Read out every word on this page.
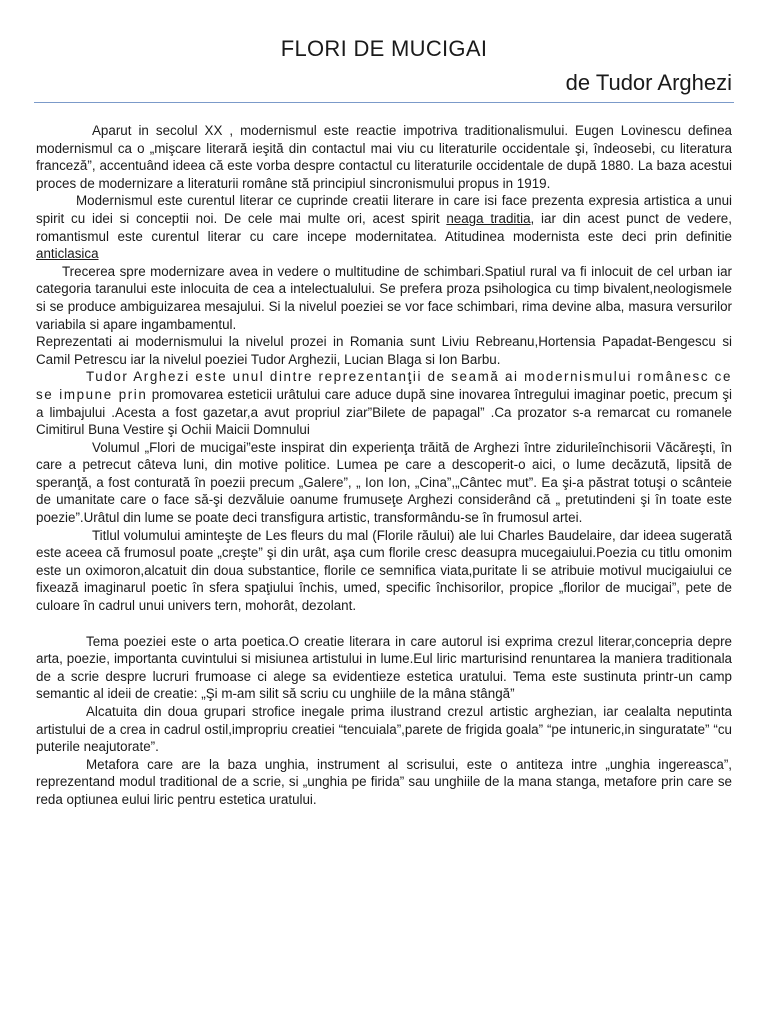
FLORI DE MUCIGAI
de Tudor Arghezi

Aparut in secolul XX , modernismul este reactie impotriva traditionalismului. Eugen Lovinescu definea modernismul ca o „mişcare literară ieşită din contactul mai viu cu literaturile occidentale şi, îndeosebi, cu literatura franceză”, accentuând ideea că este vorba despre contactul cu literaturile occidentale de după 1880. La baza acestui proces de modernizare a literaturii române stă principiul sincronismului propus in 1919.

Modernismul este curentul literar ce cuprinde creatii literare in care isi face prezenta expresia artistica a unui spirit cu idei si conceptii noi. De cele mai multe ori, acest spirit neaga traditia, iar din acest punct de vedere, romantismul este curentul literar cu care incepe modernitatea. Atitudinea modernista este deci prin definitie anticlasica

Trecerea spre modernizare avea in vedere o multitudine de schimbari.Spatiul rural va fi inlocuit de cel urban iar categoria taranului este inlocuita de cea a intelectualului. Se prefera proza psihologica cu timp bivalent,neologismele si se produce ambiguizarea mesajului. Si la nivelul poeziei se vor face schimbari, rima devine alba, masura versurilor variabila si apare ingambamentul.

Reprezentati ai modernismului la nivelul prozei in Romania sunt Liviu Rebreanu,Hortensia Papadat-Bengescu si Camil Petrescu iar la nivelul poeziei Tudor Arghezii, Lucian Blaga si Ion Barbu.

Tudor Arghezi este unul dintre reprezentanţii de seamă ai modernismului românesc ce se impune prin promovarea esteticii urâtului care aduce după sine inovarea întregului imaginar poetic, precum şi a limbajului .Acesta a fost gazetar,a avut propriul ziar”Bilete de papagal” .Ca prozator s-a remarcat cu romanele Cimitirul Buna Vestire şi Ochii Maicii Domnului

Volumul „Flori de mucigai”este inspirat din experienţa trăită de Arghezi între zidurileînchisorii Văcăreşti, în care a petrecut câteva luni, din motive politice. Lumea pe care a descoperit-o aici, o lume decăzută, lipsită de speranţă, a fost conturată în poezii precum „Galere”, „ Ion Ion, „Cina”,„Cântec mut”. Ea şi-a păstrat totuşi o scânteie de umanitate care o face să-şi dezvăluie oanume frumuseţe Arghezi considerând că „ pretutindeni şi în toate este poezie”.Urâtul din lume se poate deci transfigura artistic, transformându-se în frumosul artei.

Titlul volumului aminteşte de Les fleurs du mal (Florile răului) ale lui Charles Baudelaire, dar ideea sugerată este aceea că frumosul poate „creşte” şi din urât, aşa cum florile cresc deasupra mucegaiului.Poezia cu titlu omonim este un oximoron,alcatuit din doua substantice, florile ce semnifica viata,puritate li se atribuie motivul mucigaiului ce fixează imaginarul poetic în sfera spaţiului închis, umed, specific închisorilor, propice „florilor de mucigai”, pete de culoare în cadrul unui univers tern, mohorât, dezolant.

Tema poeziei este o arta poetica.O creatie literara in care autorul isi exprima crezul literar,concepria depre arta, poezie, importanta cuvintului si misiunea artistului in lume.Eul liric marturisind renuntarea la maniera traditionala de a scrie despre lucruri frumoase ci alege sa evidentieze estetica uratului. Tema este sustinuta printr-un camp semantic al ideii de creatie: „Şi m-am silit să scriu cu unghiile de la mâna stângă”

Alcatuita din doua grupari strofice inegale prima ilustrand crezul artistic arghezian, iar cealalta neputinta artistului de a crea in cadrul ostil,impropriu creatiei “tencuiala”,parete de frigida goala” “pe intuneric,in singuratate” “cu puterile neajutorate”.

Metafora care are la baza unghia, instrument al scrisului, este o antiteza intre „unghia ingereasca”, reprezentand modul traditional de a scrie, si „unghia pe firida” sau unghiile de la mana stanga, metafore prin care se reda optiunea eului liric pentru estetica uratului.
